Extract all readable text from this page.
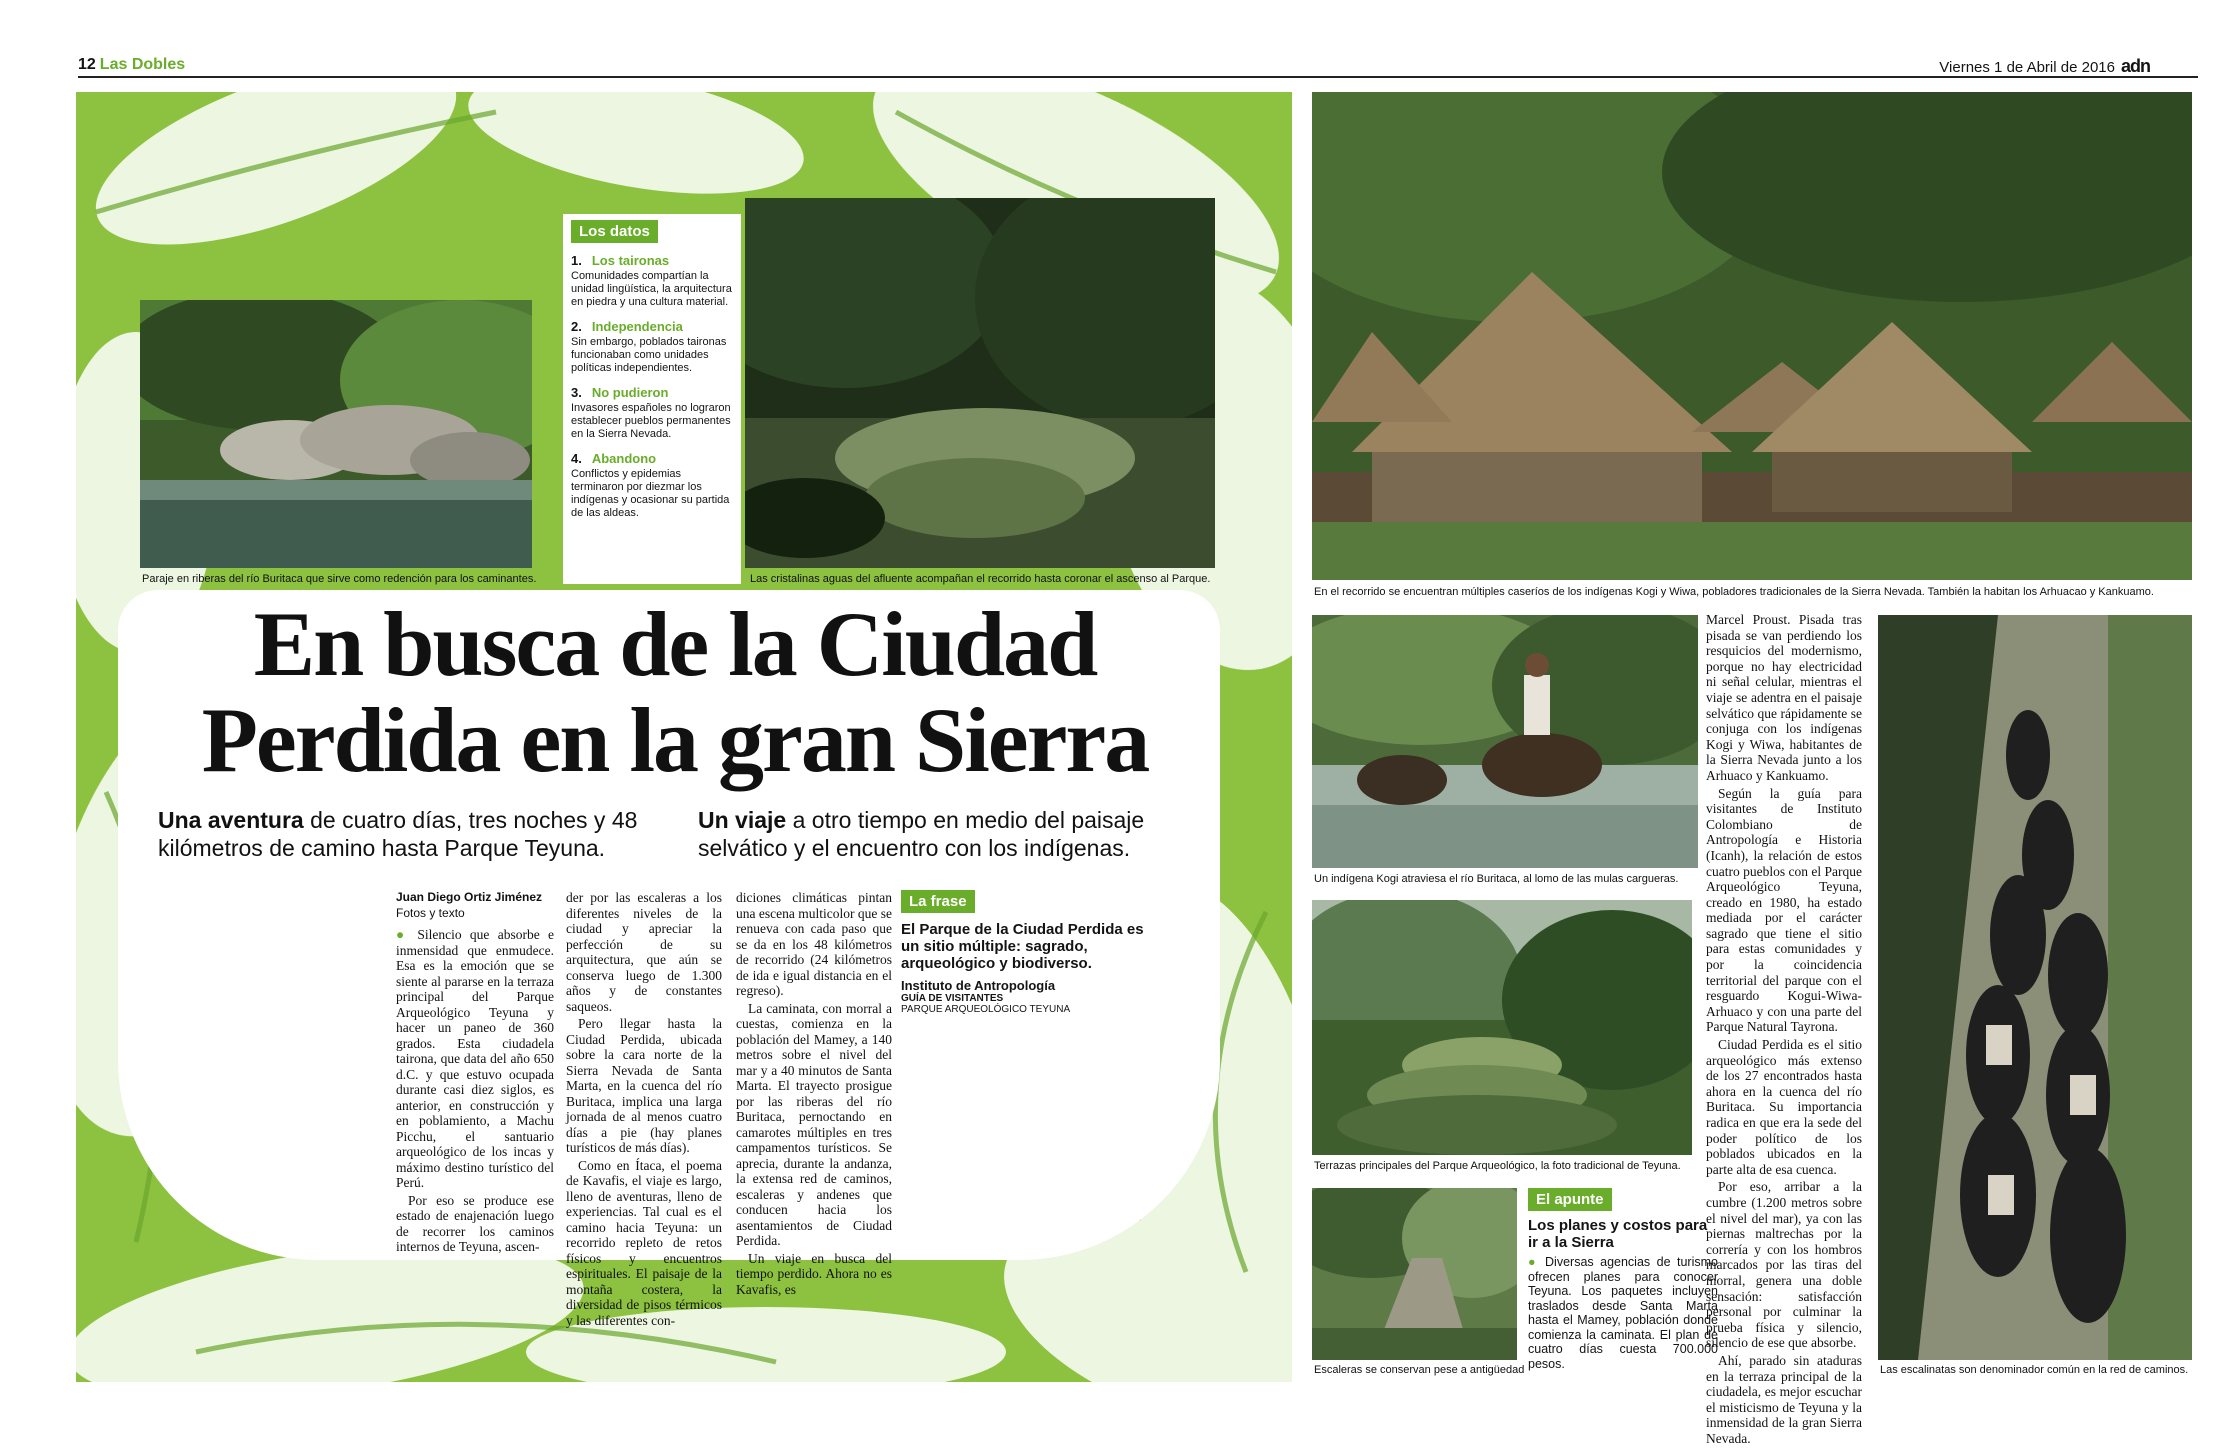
12 Las Dobles	Viernes 1 de Abril de 2016 adn
Paraje en riberas del río Buritaca que sirve como redención para los caminantes.	Las cristalinas aguas del afluente acompañan el recorrido hasta coronar el ascenso al Parque.
Los datos
1. Los taironas
Comunidades compartían la unidad lingüística, la arquitectura en piedra y una cultura material.
2. Independencia
Sin embargo, poblados taironas funcionaban como unidades políticas independientes.
3. No pudieron
Invasores españoles no lograron establecer pueblos permanentes en la Sierra Nevada.
4. Abandono
Conflictos y epidemias terminaron por diezmar los indígenas y ocasionar su partida de las aldeas.
En busca de la Ciudad
Perdida en la gran Sierra
Una aventura de cuatro días, tres noches y 48 kilómetros de camino hasta Parque Teyuna.
Un viaje a otro tiempo en medio del paisaje selvático y el encuentro con los indígenas.
Juan Diego Ortiz Jiménez
Fotos y texto

● Silencio que absorbe e inmensidad que enmudece. Esa es la emoción que se siente al pararse en la terraza principal del Parque Arqueológico Teyuna y hacer un paneo de 360 grados. Esta ciudadela tairona, que data del año 650 d.C. y que estuvo ocupada durante casi diez siglos, es anterior, en construcción y en poblamiento, a Machu Picchu, el santuario arqueológico de los incas y máximo destino turístico del Perú.

Por eso se produce ese estado de enajenación luego de recorrer los caminos internos de Teyuna, ascen-

der por las escaleras a los diferentes niveles de la ciudad y apreciar la perfección de su arquitectura, que aún se conserva luego de 1.300 años y de constantes saqueos.

Pero llegar hasta la Ciudad Perdida, ubicada sobre la cara norte de la Sierra Nevada de Santa Marta, en la cuenca del río Buritaca, implica una larga jornada de al menos cuatro días a pie (hay planes turísticos de más días).

Como en Ítaca, el poema de Kavafis, el viaje es largo, lleno de aventuras, lleno de experiencias. Tal cual es el camino hacia Teyuna: un recorrido repleto de retos físicos y encuentros espirituales. El paisaje de la montaña costera, la diversidad de pisos térmicos y las diferentes con-

diciones climáticas pintan una escena multicolor que se renueva con cada paso que se da en los 48 kilómetros de recorrido (24 kilómetros de ida e igual distancia en el regreso).

La caminata, con morral a cuestas, comienza en la población del Mamey, a 140 metros sobre el nivel del mar y a 40 minutos de Santa Marta. El trayecto prosigue por las riberas del río Buritaca, pernoctando en camarotes múltiples en tres campamentos turísticos. Se aprecia, durante la andanza, la extensa red de caminos, escaleras y andenes que conducen hacia los asentamientos de Ciudad Perdida.

Un viaje en busca del tiempo perdido. Ahora no es Kavafis, es

La frase
El Parque de la Ciudad Perdida es un sitio múltiple: sagrado, arqueológico y biodiverso.
Instituto de Antropología
GUÍA DE VISITANTES
PARQUE ARQUEOLÓGICO TEYUNA
En el recorrido se encuentran múltiples caseríos de los indígenas Kogi y Wiwa, pobladores tradicionales de la Sierra Nevada. También la habitan los Arhuacao y Kankuamo.
Un indígena Kogi atraviesa el río Buritaca, al lomo de las mulas cargueras.
Terrazas principales del Parque Arqueológico, la foto tradicional de Teyuna.
Escaleras se conservan pese a antigüedad
El apunte
Los planes y costos para ir a la Sierra
● Diversas agencias de turismo ofrecen planes para conocer Teyuna. Los paquetes incluyen traslados desde Santa Marta hasta el Mamey, población donde comienza la caminata. El plan de cuatro días cuesta 700.000 pesos.

Marcel Proust. Pisada tras pisada se van perdiendo los resquicios del modernismo, porque no hay electricidad ni señal celular, mientras el viaje se adentra en el paisaje selvático que rápidamente se conjuga con los indígenas Kogi y Wiwa, habitantes de la Sierra Nevada junto a los Arhuaco y Kankuamo.

Según la guía para visitantes de Instituto Colombiano de Antropología e Historia (Icanh), la relación de estos cuatro pueblos con el Parque Arqueológico Teyuna, creado en 1980, ha estado mediada por el carácter sagrado que tiene el sitio para estas comunidades y por la coincidencia territorial del parque con el resguardo Kogui-Wiwa-Arhuaco y con una parte del Parque Natural Tayrona.

Ciudad Perdida es el sitio arqueológico más extenso de los 27 encontrados hasta ahora en la cuenca del río Buritaca. Su importancia radica en que era la sede del poder político de los poblados ubicados en la parte alta de esa cuenca.

Por eso, arribar a la cumbre (1.200 metros sobre el nivel del mar), ya con las piernas maltrechas por la correría y con los hombros marcados por las tiras del morral, genera una doble sensación: satisfacción personal por culminar la prueba física y silencio, silencio de ese que absorbe.

Ahí, parado sin ataduras en la terraza principal de la ciudadela, es mejor escuchar el misticismo de Teyuna y la inmensidad de la gran Sierra Nevada.

Las escalinatas son denominador común en la red de caminos.
